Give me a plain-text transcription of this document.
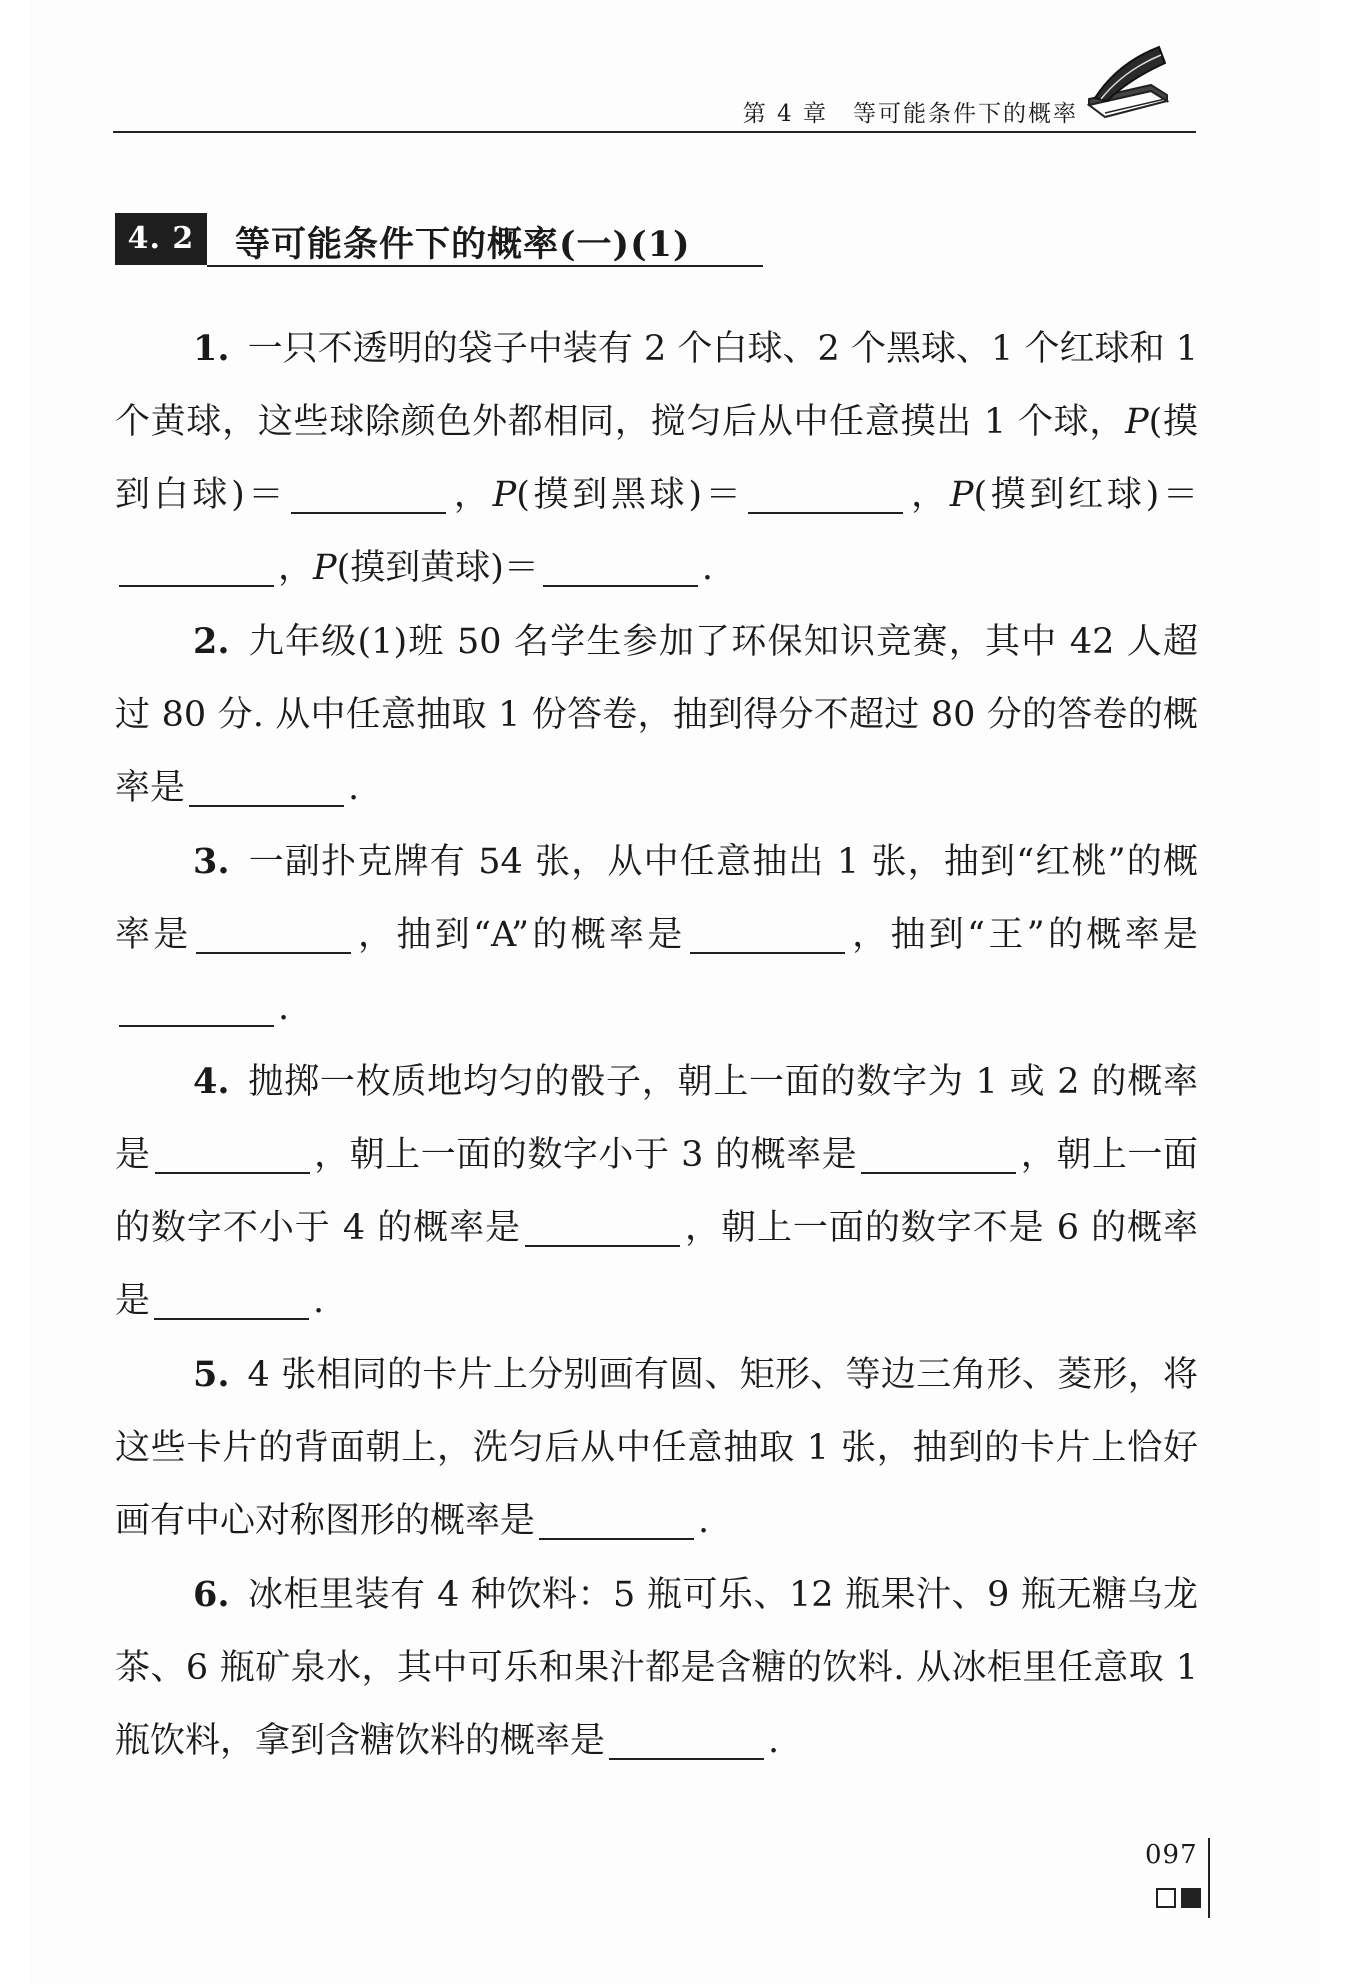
第 4 章　等可能条件下的概率
4. 2	等可能条件下的概率(一)(1)
1. 一只不透明的袋子中装有 2 个白球、2 个黑球、1 个红球和 1 个黄球，这些球除颜色外都相同，搅匀后从中任意摸出 1 个球，P(摸到白球)＝	，P(摸到黑球)＝	，P(摸到红球)＝，P(摸到黄球)＝	.
2. 九年级(1)班 50 名学生参加了环保知识竞赛，其中 42 人超过 80 分. 从中任意抽取 1 份答卷，抽到得分不超过 80 分的答卷的概率是	.
3. 一副扑克牌有 54 张，从中任意抽出 1 张，抽到“红桃”的概率是	，抽到“A”的概率是	，抽到“王”的概率是.
4. 抛掷一枚质地均匀的骰子，朝上一面的数字为 1 或 2 的概率是	，朝上一面的数字小于 3 的概率是	，朝上一面的数字不小于 4 的概率是	，朝上一面的数字不是 6 的概率是	.
5. 4 张相同的卡片上分别画有圆、矩形、等边三角形、菱形，将这些卡片的背面朝上，洗匀后从中任意抽取 1 张，抽到的卡片上恰好画有中心对称图形的概率是	.
6. 冰柜里装有 4 种饮料：5 瓶可乐、12 瓶果汁、9 瓶无糖乌龙茶、6 瓶矿泉水，其中可乐和果汁都是含糖的饮料. 从冰柜里任意取 1 瓶饮料，拿到含糖饮料的概率是	.
097
